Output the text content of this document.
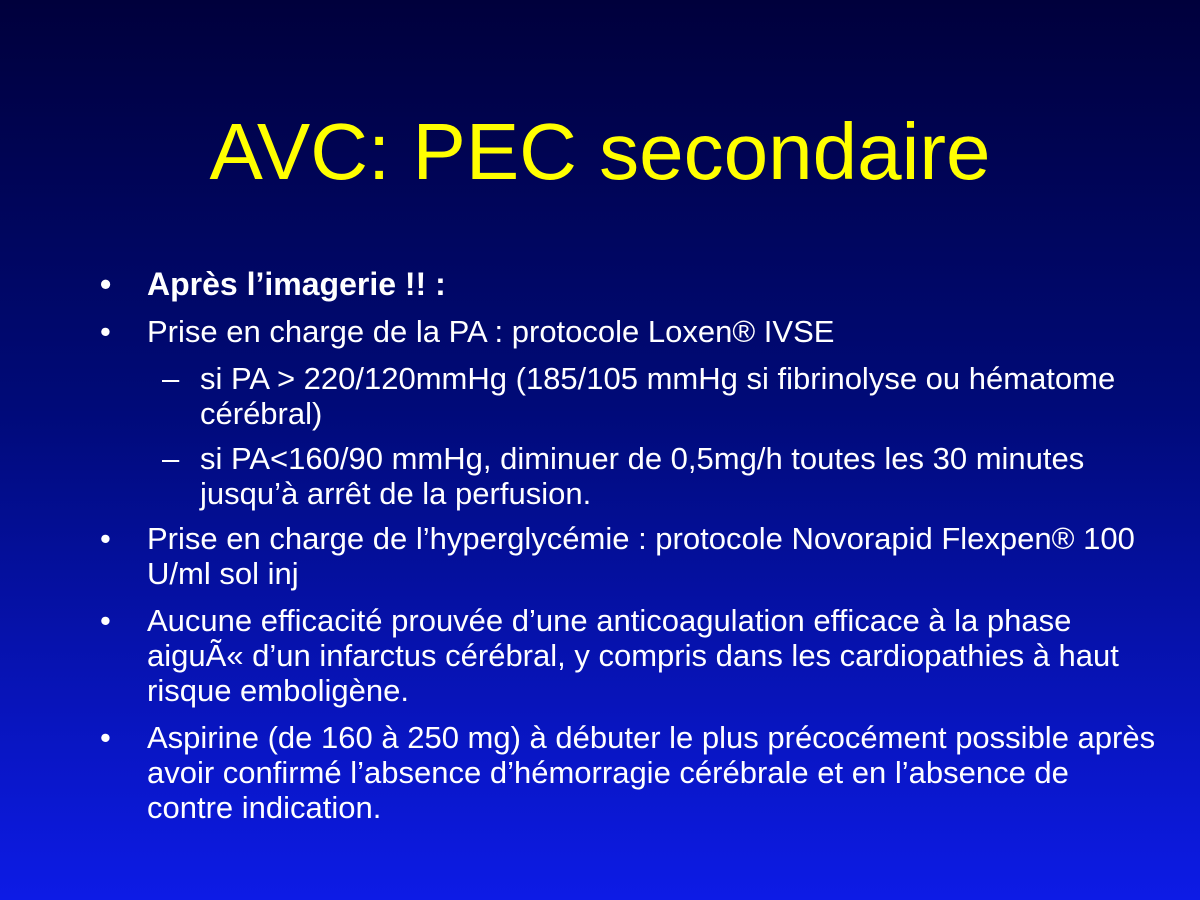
AVC: PEC secondaire
• Après l’imagerie !! :
• Prise en charge de la PA : protocole Loxen® IVSE
– si PA > 220/120mmHg (185/105 mmHg si fibrinolyse ou hématome cérébral)
– si PA<160/90 mmHg, diminuer de 0,5mg/h toutes les 30 minutes jusqu’à arrêt de la perfusion.
• Prise en charge de l’hyperglycémie : protocole Novorapid Flexpen® 100 U/ml sol inj
• Aucune efficacité prouvée d’une anticoagulation efficace à la phase aiguÃ« d’un infarctus cérébral, y compris dans les cardiopathies à haut risque emboligène.
• Aspirine (de 160 à 250 mg) à débuter le plus précocément possible après avoir confirmé l’absence d’hémorragie cérébrale et en l’absence de contre indication.
